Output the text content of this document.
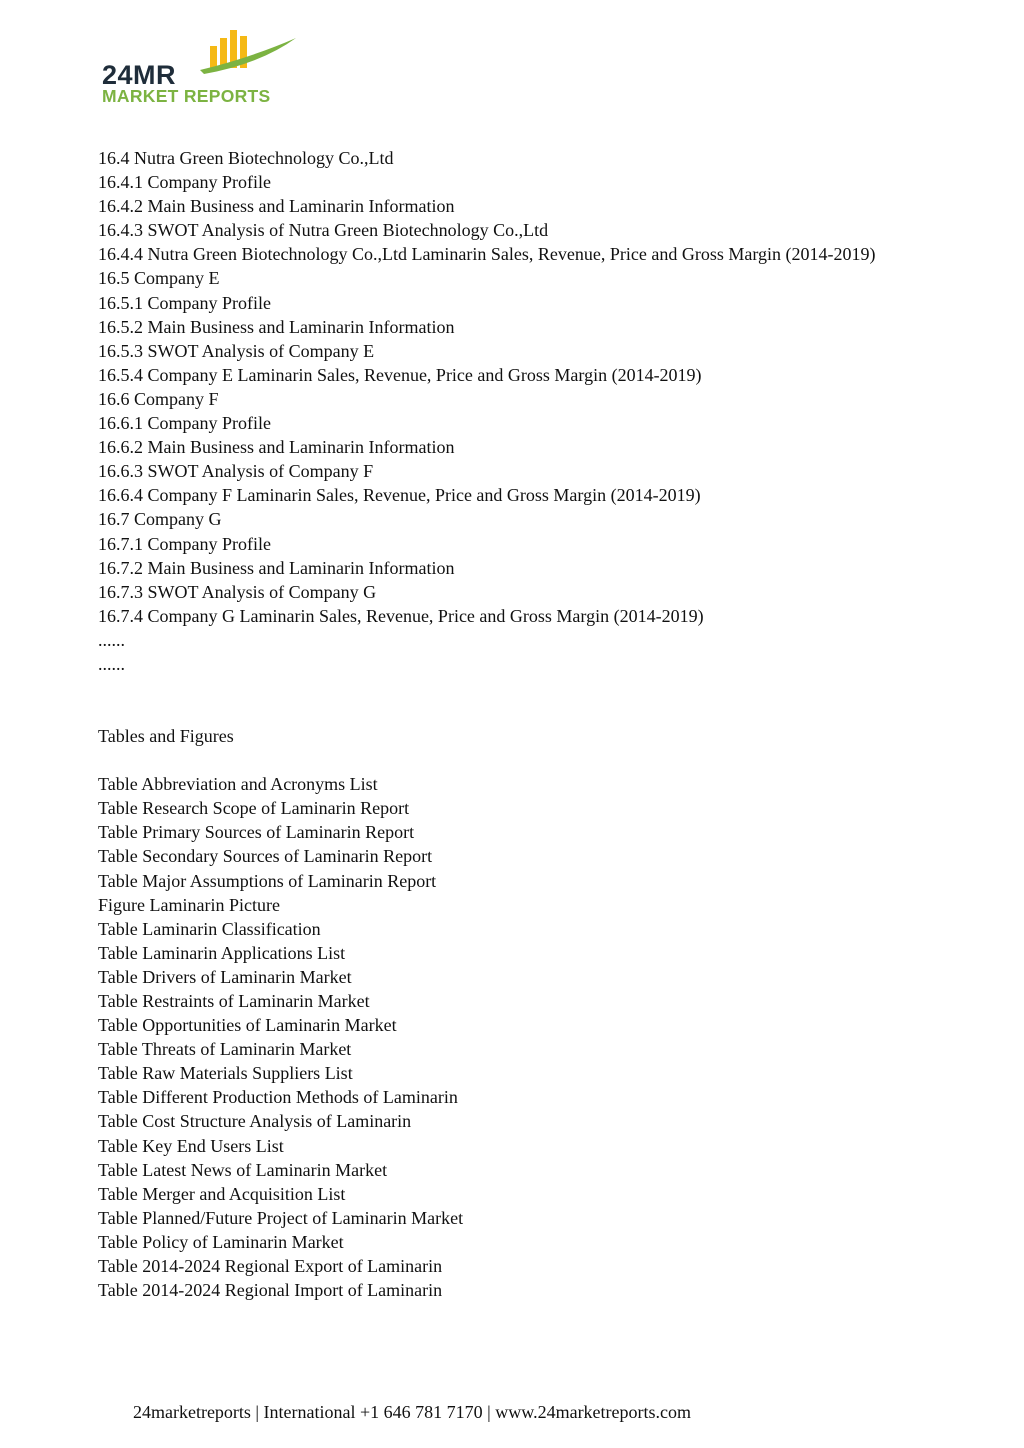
24MR
MARKET REPORTS
16.4 Nutra Green Biotechnology Co.,Ltd
16.4.1 Company Profile
16.4.2 Main Business and Laminarin Information
16.4.3 SWOT Analysis of Nutra Green Biotechnology Co.,Ltd
16.4.4 Nutra Green Biotechnology Co.,Ltd Laminarin Sales, Revenue, Price and Gross Margin (2014-2019)
16.5 Company E
16.5.1 Company Profile
16.5.2 Main Business and Laminarin Information
16.5.3 SWOT Analysis of Company E
16.5.4 Company E Laminarin Sales, Revenue, Price and Gross Margin (2014-2019)
16.6 Company F
16.6.1 Company Profile
16.6.2 Main Business and Laminarin Information
16.6.3 SWOT Analysis of Company F
16.6.4 Company F Laminarin Sales, Revenue, Price and Gross Margin (2014-2019)
16.7 Company G
16.7.1 Company Profile
16.7.2 Main Business and Laminarin Information
16.7.3 SWOT Analysis of Company G
16.7.4 Company G Laminarin Sales, Revenue, Price and Gross Margin (2014-2019)
......
......
Tables and Figures
Table Abbreviation and Acronyms List
Table Research Scope of Laminarin Report
Table Primary Sources of Laminarin Report
Table Secondary Sources of Laminarin Report
Table Major Assumptions of Laminarin Report
Figure Laminarin Picture
Table Laminarin Classification
Table Laminarin Applications List
Table Drivers of Laminarin Market
Table Restraints of Laminarin Market
Table Opportunities of Laminarin Market
Table Threats of Laminarin Market
Table Raw Materials Suppliers List
Table Different Production Methods of Laminarin
Table Cost Structure Analysis of Laminarin
Table Key End Users List
Table Latest News of Laminarin Market
Table Merger and Acquisition List
Table Planned/Future Project of Laminarin Market
Table Policy of Laminarin Market
Table 2014-2024 Regional Export of Laminarin
Table 2014-2024 Regional Import of Laminarin
24marketreports | International +1 646 781 7170 | www.24marketreports.com
